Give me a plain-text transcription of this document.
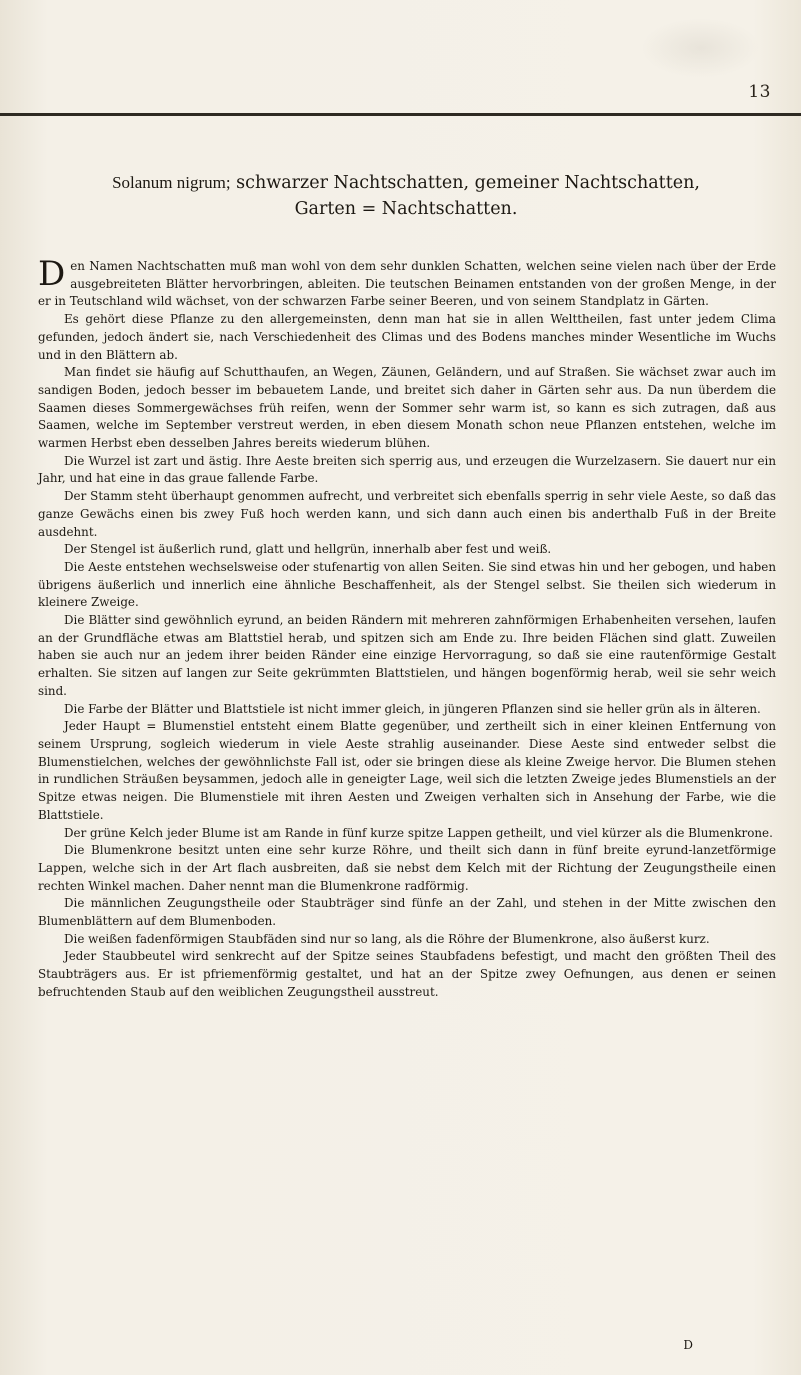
13
Solanum nigrum; schwarzer Nachtschatten, gemeiner Nachtschatten,
Garten = Nachtschatten.

Den Namen Nachtschatten muß man wohl von dem sehr dunklen Schatten, welchen seine vielen nach über der Erde ausgebreiteten Blätter hervorbringen, ableiten. Die teutschen Beinamen entstanden von der großen Menge, in der er in Teutschland wild wächset, von der schwarzen Farbe seiner Beeren, und von seinem Standplatz in Gärten.

Es gehört diese Pflanze zu den allergemeinsten, denn man hat sie in allen Welttheilen, fast unter jedem Clima gefunden, jedoch ändert sie, nach Verschiedenheit des Climas und des Bodens manches minder Wesentliche im Wuchs und in den Blättern ab.

Man findet sie häufig auf Schutthaufen, an Wegen, Zäunen, Geländern, und auf Straßen. Sie wächset zwar auch im sandigen Boden, jedoch besser im bebauetem Lande, und breitet sich daher in Gärten sehr aus. Da nun überdem die Saamen dieses Sommergewächses früh reifen, wenn der Sommer sehr warm ist, so kann es sich zutragen, daß aus Saamen, welche im September verstreut werden, in eben diesem Monath schon neue Pflanzen entstehen, welche im warmen Herbst eben desselben Jahres bereits wiederum blühen.

Die Wurzel ist zart und ästig. Ihre Aeste breiten sich sperrig aus, und erzeugen die Wurzelzasern. Sie dauert nur ein Jahr, und hat eine in das graue fallende Farbe.

Der Stamm steht überhaupt genommen aufrecht, und verbreitet sich ebenfalls sperrig in sehr viele Aeste, so daß das ganze Gewächs einen bis zwey Fuß hoch werden kann, und sich dann auch einen bis anderthalb Fuß in der Breite ausdehnt.

Der Stengel ist äußerlich rund, glatt und hellgrün, innerhalb aber fest und weiß.

Die Aeste entstehen wechselsweise oder stufenartig von allen Seiten. Sie sind etwas hin und her gebogen, und haben übrigens äußerlich und innerlich eine ähnliche Beschaffenheit, als der Stengel selbst. Sie theilen sich wiederum in kleinere Zweige.

Die Blätter sind gewöhnlich eyrund, an beiden Rändern mit mehreren zahnförmigen Erhabenheiten versehen, laufen an der Grundfläche etwas am Blattstiel herab, und spitzen sich am Ende zu. Ihre beiden Flächen sind glatt. Zuweilen haben sie auch nur an jedem ihrer beiden Ränder eine einzige Hervorragung, so daß sie eine rautenförmige Gestalt erhalten. Sie sitzen auf langen zur Seite gekrümmten Blattstielen, und hängen bogenförmig herab, weil sie sehr weich sind.

Die Farbe der Blätter und Blattstiele ist nicht immer gleich, in jüngeren Pflanzen sind sie heller grün als in älteren.

Jeder Haupt = Blumenstiel entsteht einem Blatte gegenüber, und zertheilt sich in einer kleinen Entfernung von seinem Ursprung, sogleich wiederum in viele Aeste strahlig auseinander. Diese Aeste sind entweder selbst die Blumenstielchen, welches der gewöhnlichste Fall ist, oder sie bringen diese als kleine Zweige hervor. Die Blumen stehen in rundlichen Sträußen beysammen, jedoch alle in geneigter Lage, weil sich die letzten Zweige jedes Blumenstiels an der Spitze etwas neigen. Die Blumenstiele mit ihren Aesten und Zweigen verhalten sich in Ansehung der Farbe, wie die Blattstiele.

Der grüne Kelch jeder Blume ist am Rande in fünf kurze spitze Lappen getheilt, und viel kürzer als die Blumenkrone.

Die Blumenkrone besitzt unten eine sehr kurze Röhre, und theilt sich dann in fünf breite eyrund-lanzetförmige Lappen, welche sich in der Art flach ausbreiten, daß sie nebst dem Kelch mit der Richtung der Zeugungstheile einen rechten Winkel machen. Daher nennt man die Blumenkrone radförmig.

Die männlichen Zeugungstheile oder Staubträger sind fünfe an der Zahl, und stehen in der Mitte zwischen den Blumenblättern auf dem Blumenboden.

Die weißen fadenförmigen Staubfäden sind nur so lang, als die Röhre der Blumenkrone, also äußerst kurz.

Jeder Staubbeutel wird senkrecht auf der Spitze seines Staubfadens befestigt, und macht den größten Theil des Staubträgers aus. Er ist pfriemenförmig gestaltet, und hat an der Spitze zwey Oefnungen, aus denen er seinen befruchtenden Staub auf den weiblichen Zeugungstheil ausstreut.

D
